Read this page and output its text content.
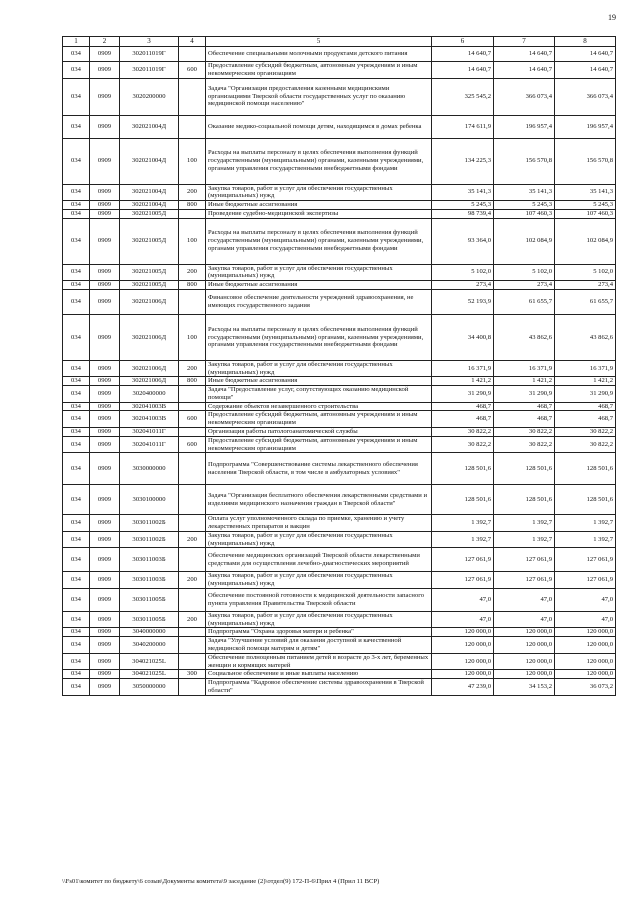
19
1	2	3	4	5	6	7	8
034	0909	302011019Г		Обеспечение специальными молочными продуктами детского питания	14 640,7	14 640,7	14 640,7
034	0909	302011019Г	600	Предоставление субсидий бюджетным, автономным учреждениям и иным некоммерческим организациям	14 640,7	14 640,7	14 640,7
034	0909	3020200000		Задача "Организация предоставления казенными медицинскими организациями Тверской области государственных услуг по оказанию медицинской помощи населению"	325 545,2	366 073,4	366 073,4
034	0909	302021004Д		Оказание медико-социальной помощи детям, находящимся в домах ребенка	174 611,9	196 957,4	196 957,4
034	0909	302021004Д	100	Расходы на выплаты персоналу в целях обеспечения выполнения функций государственными (муниципальными) органами, казенными учреждениями, органами управления государственными внебюджетными фондами	134 225,3	156 570,8	156 570,8
034	0909	302021004Д	200	Закупка товаров, работ и услуг для обеспечения государственных (муниципальных) нужд	35 141,3	35 141,3	35 141,3
034	0909	302021004Д	800	Иные бюджетные ассигнования	5 245,3	5 245,3	5 245,3
034	0909	302021005Д		Проведение судебно-медицинской экспертизы	98 739,4	107 460,3	107 460,3
034	0909	302021005Д	100	Расходы на выплаты персоналу в целях обеспечения выполнения функций государственными (муниципальными) органами, казенными учреждениями, органами управления государственными внебюджетными фондами	93 364,0	102 084,9	102 084,9
034	0909	302021005Д	200	Закупка товаров, работ и услуг для обеспечения государственных (муниципальных) нужд	5 102,0	5 102,0	5 102,0
034	0909	302021005Д	800	Иные бюджетные ассигнования	273,4	273,4	273,4
034	0909	302021006Д		Финансовое обеспечение деятельности учреждений здравоохранения, не имеющих государственного задания	52 193,9	61 655,7	61 655,7
034	0909	302021006Д	100	Расходы на выплаты персоналу в целях обеспечения выполнения функций государственными (муниципальными) органами, казенными учреждениями, органами управления государственными внебюджетными фондами	34 400,8	43 862,6	43 862,6
034	0909	302021006Д	200	Закупка товаров, работ и услуг для обеспечения государственных (муниципальных) нужд	16 371,9	16 371,9	16 371,9
034	0909	302021006Д	800	Иные бюджетные ассигнования	1 421,2	1 421,2	1 421,2
034	0909	3020400000		Задача "Предоставление услуг, сопутствующих оказанию медицинской помощи"	31 290,9	31 290,9	31 290,9
034	0909	302041003В		Содержание объектов незавершенного строительства	468,7	468,7	468,7
034	0909	302041003В	600	Предоставление субсидий бюджетным, автономным учреждениям и иным некоммерческим организациям	468,7	468,7	468,7
034	0909	302041011Г		Организация работы патологоанатомической службы	30 822,2	30 822,2	30 822,2
034	0909	302041011Г	600	Предоставление субсидий бюджетным, автономным учреждениям и иным некоммерческим организациям	30 822,2	30 822,2	30 822,2
034	0909	3030000000		Подпрограмма "Совершенствование системы лекарственного обеспечения населения Тверской области, в том числе в амбулаторных условиях"	128 501,6	128 501,6	128 501,6
034	0909	3030100000		Задача "Организация бесплатного обеспечения лекарственными средствами и изделиями медицинского назначения граждан в Тверской области"	128 501,6	128 501,6	128 501,6
034	0909	303011002Б		Оплата услуг уполномоченного склада по приемке, хранению и учету лекарственных препаратов и вакцин	1 392,7	1 392,7	1 392,7
034	0909	303011002Б	200	Закупка товаров, работ и услуг для обеспечения государственных (муниципальных) нужд	1 392,7	1 392,7	1 392,7
034	0909	303011003Б		Обеспечение медицинских организаций Тверской области лекарственными средствами для осуществления лечебно-диагностических мероприятий	127 061,9	127 061,9	127 061,9
034	0909	303011003Б	200	Закупка товаров, работ и услуг для обеспечения государственных (муниципальных) нужд	127 061,9	127 061,9	127 061,9
034	0909	303011005Б		Обеспечение постоянной готовности к медицинской деятельности запасного пункта управления Правительства Тверской области	47,0	47,0	47,0
034	0909	303011005Б	200	Закупка товаров, работ и услуг для обеспечения государственных (муниципальных) нужд	47,0	47,0	47,0
034	0909	3040000000		Подпрограмма "Охрана здоровья матери и ребенка"	120 000,0	120 000,0	120 000,0
034	0909	3040200000		Задача "Улучшение условий для оказания доступной и качественной медицинской помощи матерям и детям"	120 000,0	120 000,0	120 000,0
034	0909	304021025L		Обеспечение полноценным питанием детей в возрасте до 3-х лет, беременных женщин и кормящих матерей	120 000,0	120 000,0	120 000,0
034	0909	304021025L	300	Социальное обеспечение и иные выплаты населению	120 000,0	120 000,0	120 000,0
034	0909	3050000000		Подпрограмма "Кадровое обеспечение системы здравоохранения в Тверской области"	47 239,0	34 153,2	36 073,2
\\Fs01\комитет по бюджету\6 созыв\Документы комитета\9 заседание (2)\отдел(9) 172-П-6\Прил 4 (Прил 11 ВСР)
